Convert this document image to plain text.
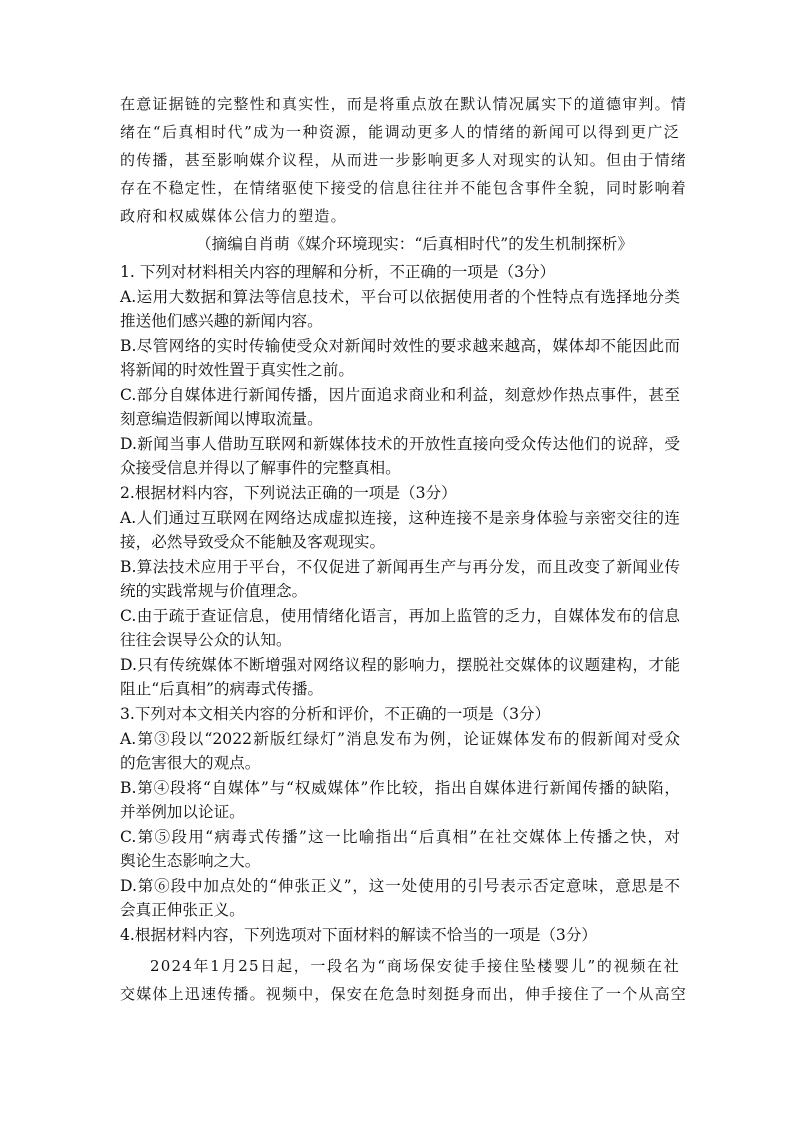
在意证据链的完整性和真实性，而是将重点放在默认情况属实下的道德审判。情
绪在“后真相时代”成为一种资源，能调动更多人的情绪的新闻可以得到更广泛
的传播，甚至影响媒介议程，从而进一步影响更多人对现实的认知。但由于情绪
存在不稳定性，在情绪驱使下接受的信息往往并不能包含事件全貌，同时影响着
政府和权威媒体公信力的塑造。
（摘编自肖萌《媒介环境现实：“后真相时代”的发生机制探析》
1. 下列对材料相关内容的理解和分析，不正确的一项是（3分）
A.运用大数据和算法等信息技术，平台可以依据使用者的个性特点有选择地分类
推送他们感兴趣的新闻内容。
B.尽管网络的实时传输使受众对新闻时效性的要求越来越高，媒体却不能因此而
将新闻的时效性置于真实性之前。
C.部分自媒体进行新闻传播，因片面追求商业和利益，刻意炒作热点事件，甚至
刻意编造假新闻以博取流量。
D.新闻当事人借助互联网和新媒体技术的开放性直接向受众传达他们的说辞，受
众接受信息并得以了解事件的完整真相。
2.根据材料内容，下列说法正确的一项是（3分）
A.人们通过互联网在网络达成虚拟连接，这种连接不是亲身体验与亲密交往的连
接，必然导致受众不能触及客观现实。
B.算法技术应用于平台，不仅促进了新闻再生产与再分发，而且改变了新闻业传
统的实践常规与价值理念。
C.由于疏于查证信息，使用情绪化语言，再加上监管的乏力，自媒体发布的信息
往往会误导公众的认知。
D.只有传统媒体不断增强对网络议程的影响力，摆脱社交媒体的议题建构，才能
阻止“后真相”的病毒式传播。
3.下列对本文相关内容的分析和评价，不正确的一项是（3分）
A.第③段以“2022新版红绿灯”消息发布为例，论证媒体发布的假新闻对受众
的危害很大的观点。
B.第④段将“自媒体”与“权威媒体”作比较，指出自媒体进行新闻传播的缺陷，
并举例加以论证。
C.第⑤段用“病毒式传播”这一比喻指出“后真相”在社交媒体上传播之快，对
舆论生态影响之大。
D.第⑥段中加点处的“伸张正义”，这一处使用的引号表示否定意味，意思是不
会真正伸张正义。
4.根据材料内容，下列选项对下面材料的解读不恰当的一项是（3分）
2024年1月25日起，一段名为“商场保安徒手接住坠楼婴儿”的视频在社
交媒体上迅速传播。视频中，保安在危急时刻挺身而出，伸手接住了一个从高空
